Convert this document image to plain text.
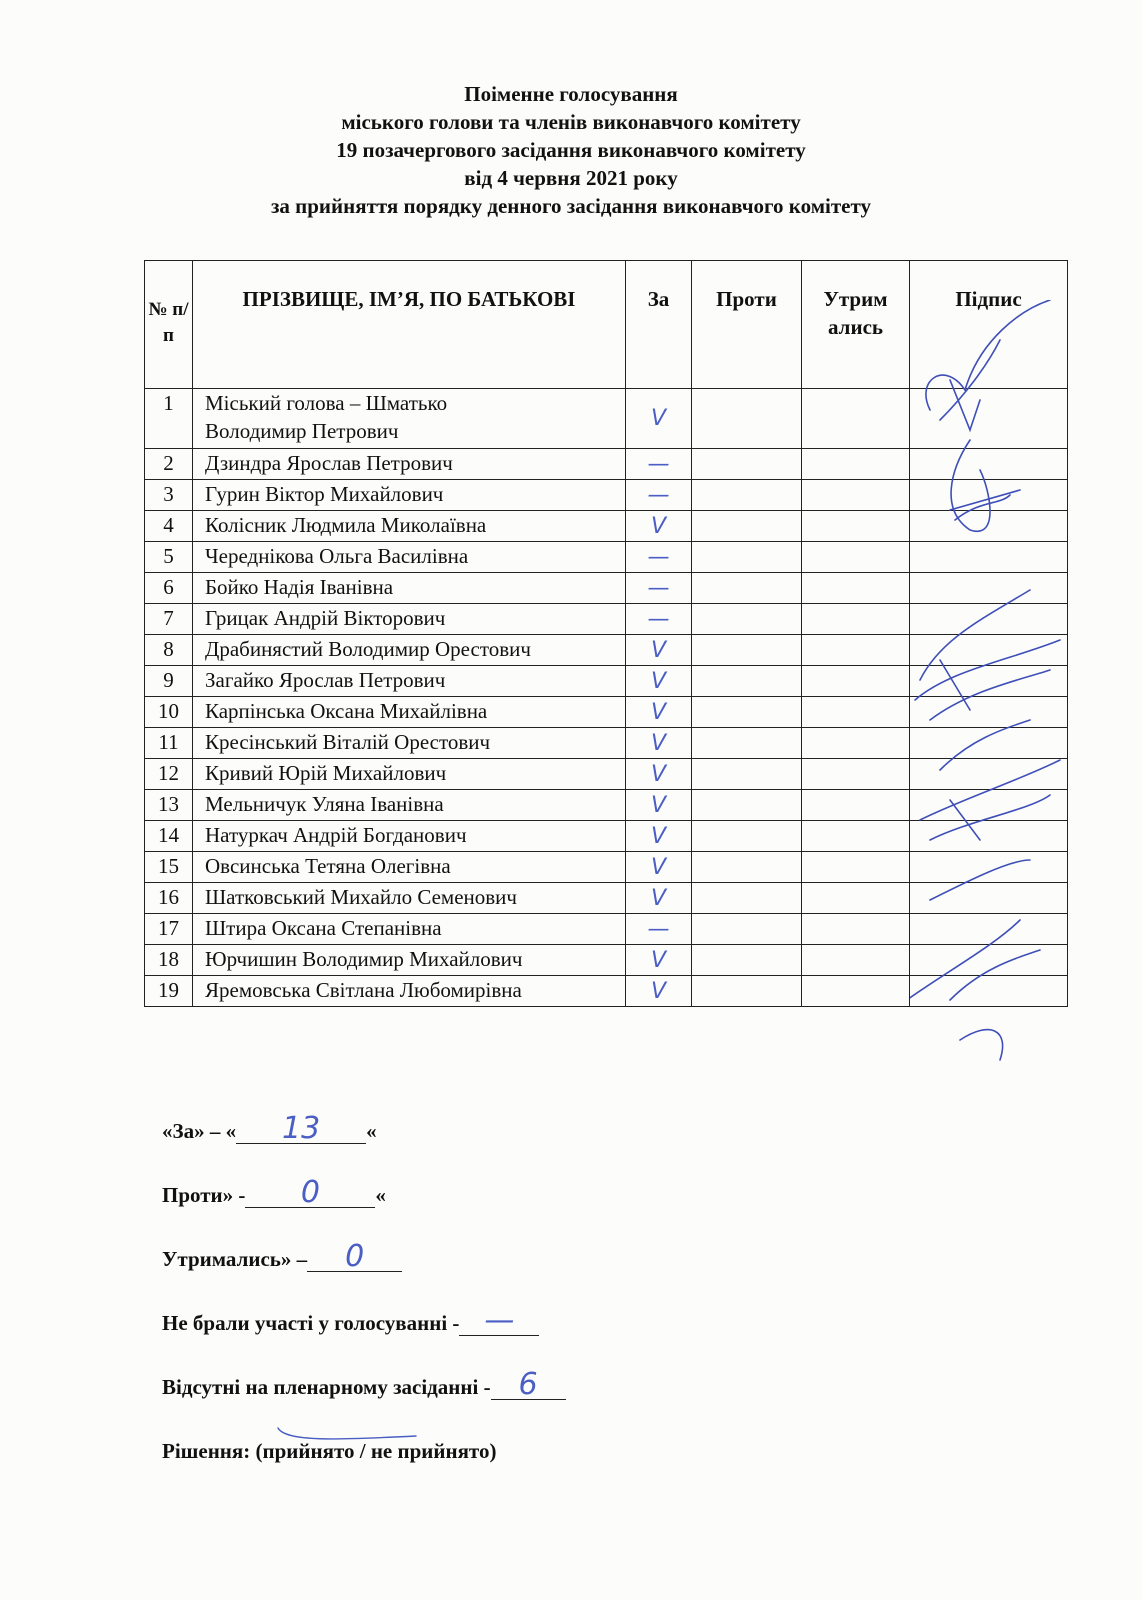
Поіменне голосування
міського голови та членів виконавчого комітету
19 позачергового засідання виконавчого комітету
від 4 червня 2021 року
за прийняття порядку денного засідання виконавчого комітету
№ п/п	ПРІЗВИЩЕ, ІМ’Я, ПО БАТЬКОВІ	За	Проти	Утрим ались	Підпис
1	Міський голова – Шматько Володимир Петрович	V			
2	Дзиндра Ярослав Петрович	—			
3	Гурин Віктор Михайлович	—			
4	Колісник Людмила Миколаївна	V			
5	Череднікова Ольга Василівна	—			
6	Бойко Надія Іванівна	—			
7	Грицак Андрій Вікторович	—			
8	Драбинястий Володимир Орестович	V			
9	Загайко Ярослав Петрович	V			
10	Карпінська Оксана Михайлівна	V			
11	Кресінський Віталій Орестович	V			
12	Кривий Юрій Михайлович	V			
13	Мельничук Уляна Іванівна	V			
14	Натуркач Андрій Богданович	V			
15	Овсинська Тетяна Олегівна	V			
16	Шатковський Михайло Семенович	V			
17	Штира Оксана Степанівна	—			
18	Юрчишин Володимир Михайлович	V			
19	Яремовська Світлана Любомирівна	V			
«За» – «	13	«
Проти» -	0	«
Утримались» –	0
Не брали участі у голосуванні - —
Відсутні на пленарному засіданні - 6
Рішення: (прийнято / не прийнято)
